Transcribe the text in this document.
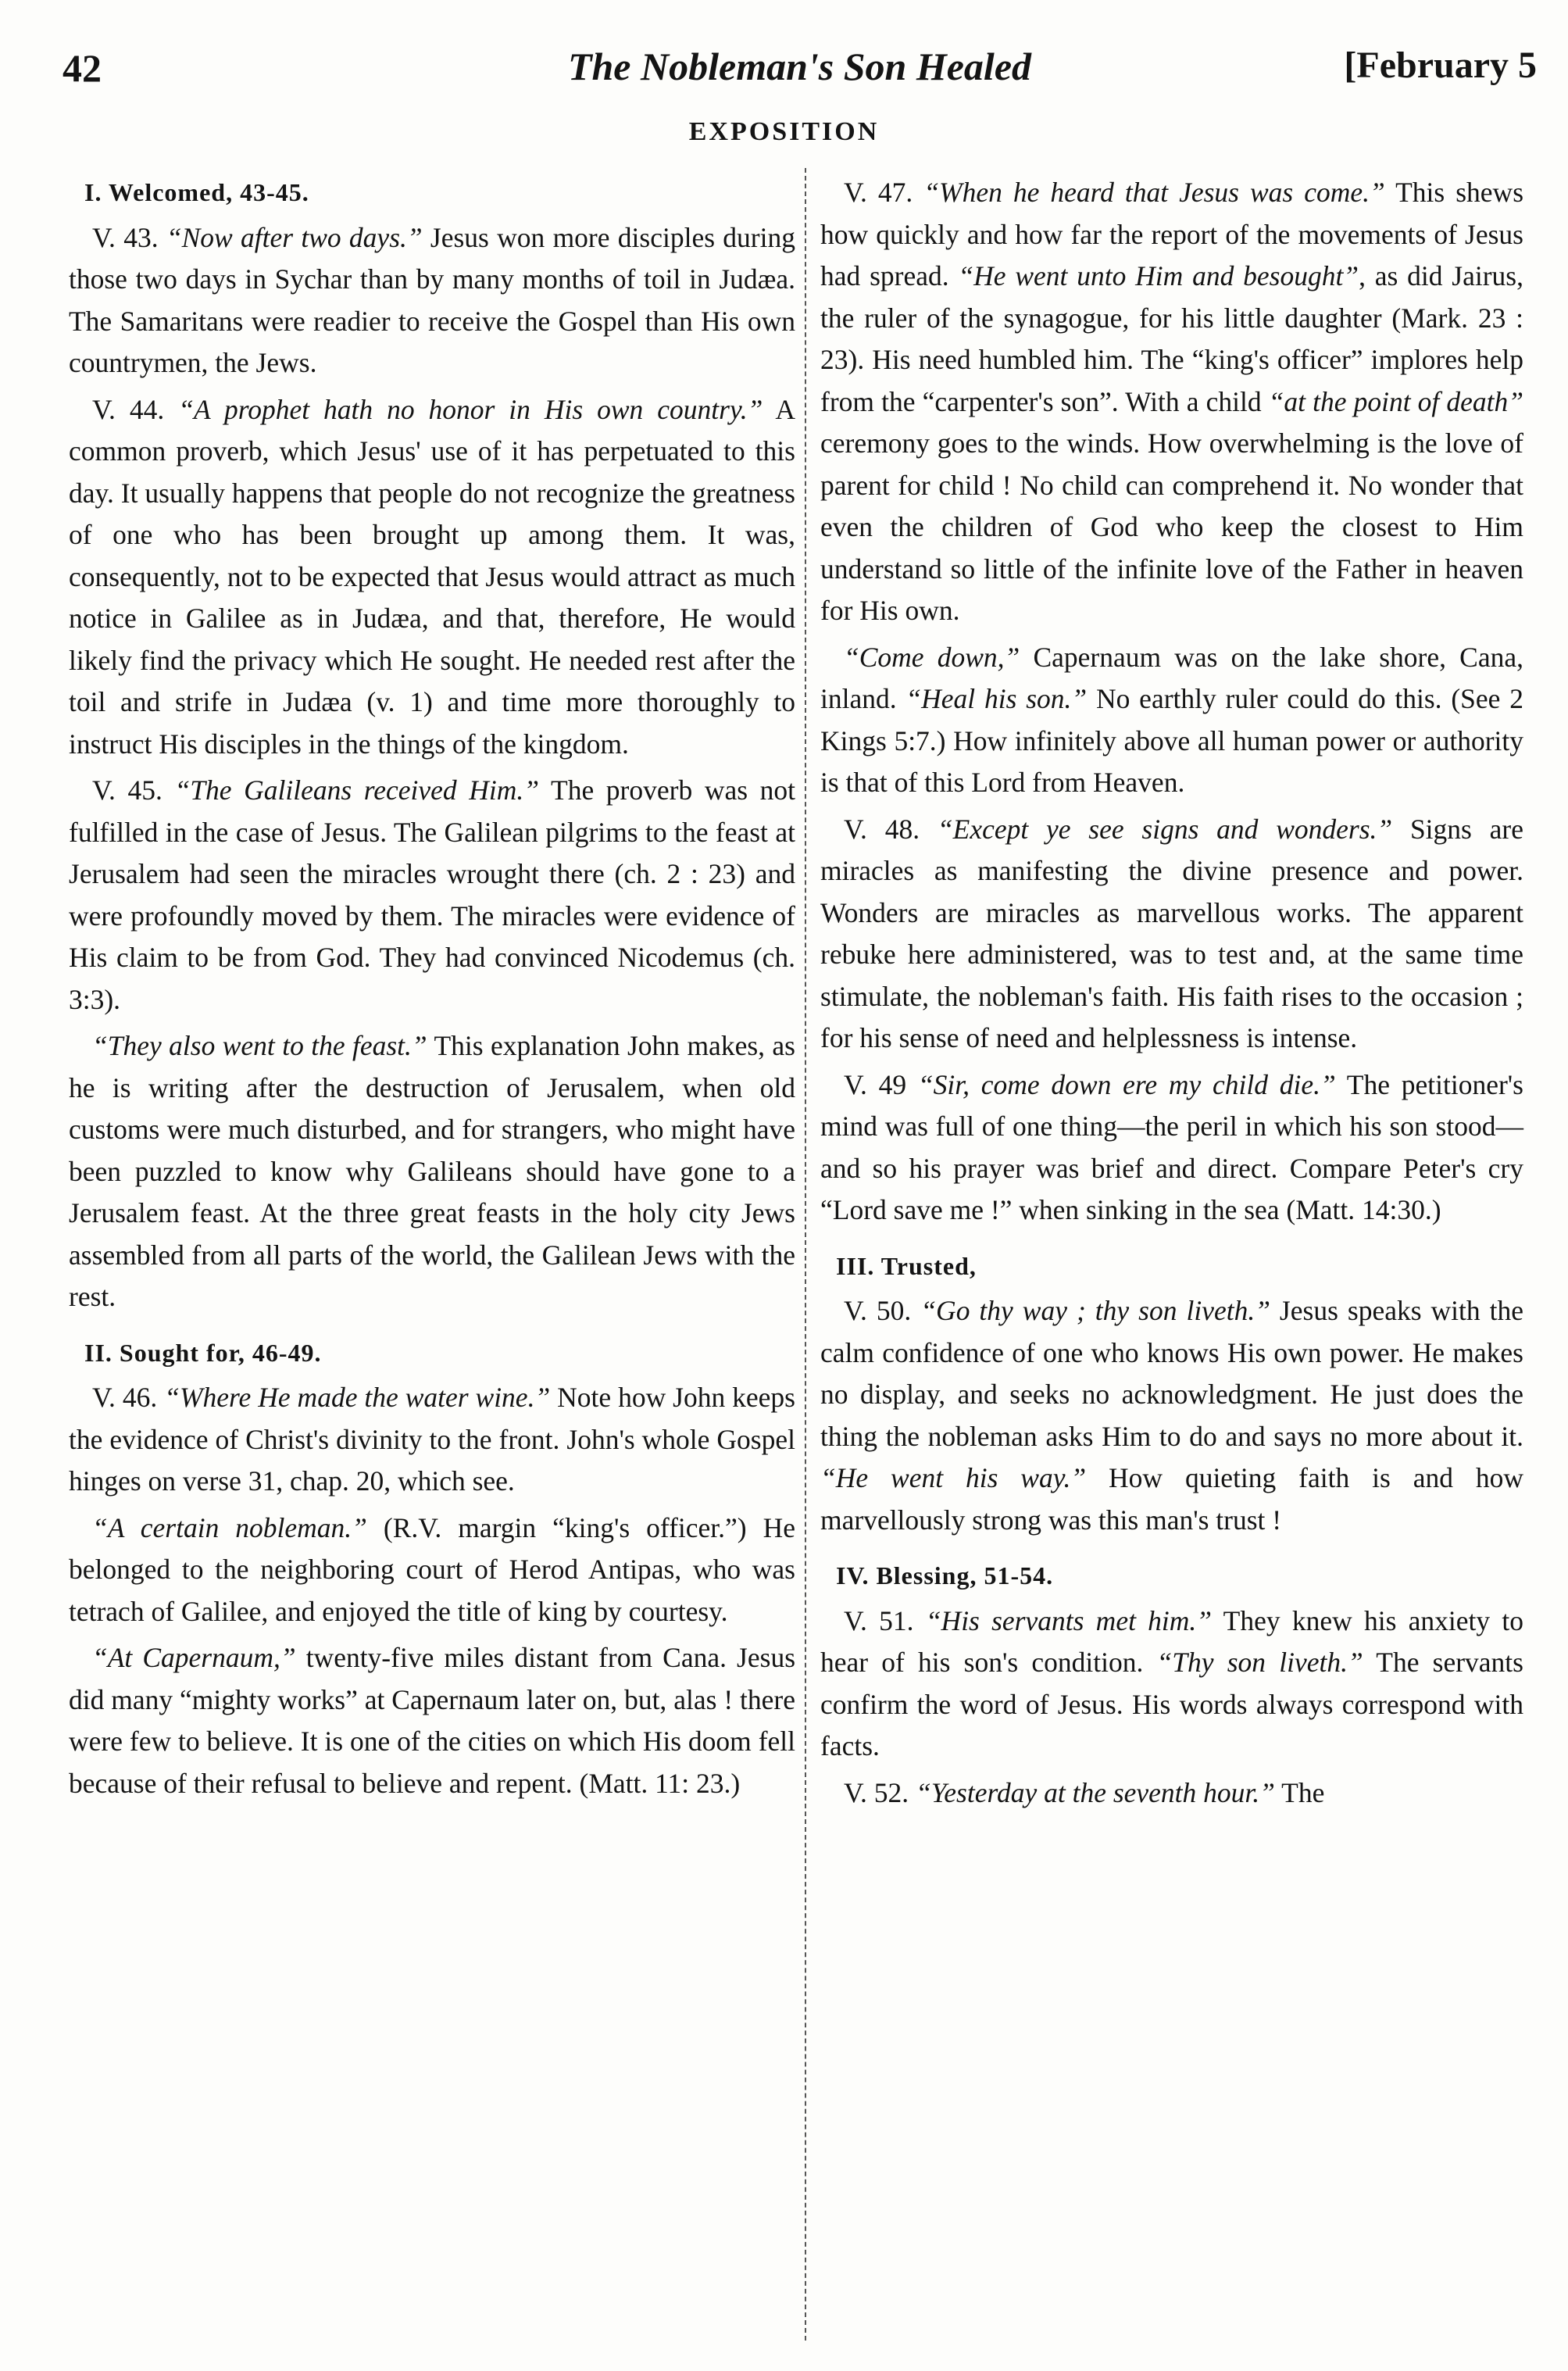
42	The Nobleman's Son Healed	[February 5
EXPOSITION
I. Welcomed, 43-45.

V. 43. “Now after two days.” Jesus won more disciples during those two days in Sychar than by many months of toil in Judæa. The Samaritans were readier to receive the Gospel than His own countrymen, the Jews.

V. 44. “A prophet hath no honor in His own country.” A common proverb, which Jesus' use of it has perpetuated to this day. It usually happens that people do not recognize the greatness of one who has been brought up among them. It was, consequently, not to be expected that Jesus would attract as much notice in Galilee as in Judæa, and that, therefore, He would likely find the privacy which He sought. He needed rest after the toil and strife in Judæa (v. 1) and time more thoroughly to instruct His disciples in the things of the kingdom.

V. 45. “The Galileans received Him.” The proverb was not fulfilled in the case of Jesus. The Galilean pilgrims to the feast at Jerusalem had seen the miracles wrought there (ch. 2 : 23) and were profoundly moved by them. The miracles were evidence of His claim to be from God. They had convinced Nicodemus (ch. 3:3).

“They also went to the feast.” This explanation John makes, as he is writing after the destruction of Jerusalem, when old customs were much disturbed, and for strangers, who might have been puzzled to know why Galileans should have gone to a Jerusalem feast. At the three great feasts in the holy city Jews assembled from all parts of the world, the Galilean Jews with the rest.

II. Sought for, 46-49.

V. 46. “Where He made the water wine.” Note how John keeps the evidence of Christ's divinity to the front. John's whole Gospel hinges on verse 31, chap. 20, which see.

“A certain nobleman.” (R.V. margin “king's officer.”) He belonged to the neighboring court of Herod Antipas, who was tetrach of Galilee, and enjoyed the title of king by courtesy.

“At Capernaum,” twenty-five miles distant from Cana. Jesus did many “mighty works” at Capernaum later on, but, alas ! there were few to believe. It is one of the cities on which His doom fell because of their refusal to believe and repent. (Matt. 11: 23.)

V. 47. “When he heard that Jesus was come.” This shews how quickly and how far the report of the movements of Jesus had spread. “He went unto Him and besought”, as did Jairus, the ruler of the synagogue, for his little daughter (Mark. 23 : 23). His need humbled him. The “king's officer” implores help from the “carpenter's son”. With a child “at the point of death” ceremony goes to the winds. How overwhelming is the love of parent for child ! No child can comprehend it. No wonder that even the children of God who keep the closest to Him understand so little of the infinite love of the Father in heaven for His own.

“Come down,” Capernaum was on the lake shore, Cana, inland. “Heal his son.” No earthly ruler could do this. (See 2 Kings 5:7.) How infinitely above all human power or authority is that of this Lord from Heaven.

V. 48. “Except ye see signs and wonders.” Signs are miracles as manifesting the divine presence and power. Wonders are miracles as marvellous works. The apparent rebuke here administered, was to test and, at the same time stimulate, the nobleman's faith. His faith rises to the occasion ; for his sense of need and helplessness is intense.

V. 49 “Sir, come down ere my child die.” The petitioner's mind was full of one thing—the peril in which his son stood—and so his prayer was brief and direct. Compare Peter's cry “Lord save me !” when sinking in the sea (Matt. 14:30.)

III. Trusted,

V. 50. “Go thy way ; thy son liveth.” Jesus speaks with the calm confidence of one who knows His own power. He makes no display, and seeks no acknowledgment. He just does the thing the nobleman asks Him to do and says no more about it. “He went his way.” How quieting faith is and how marvellously strong was this man's trust !

IV. Blessing, 51-54.

V. 51. “His servants met him.” They knew his anxiety to hear of his son's condition. “Thy son liveth.” The servants confirm the word of Jesus. His words always correspond with facts.

V. 52. “Yesterday at the seventh hour.” The
